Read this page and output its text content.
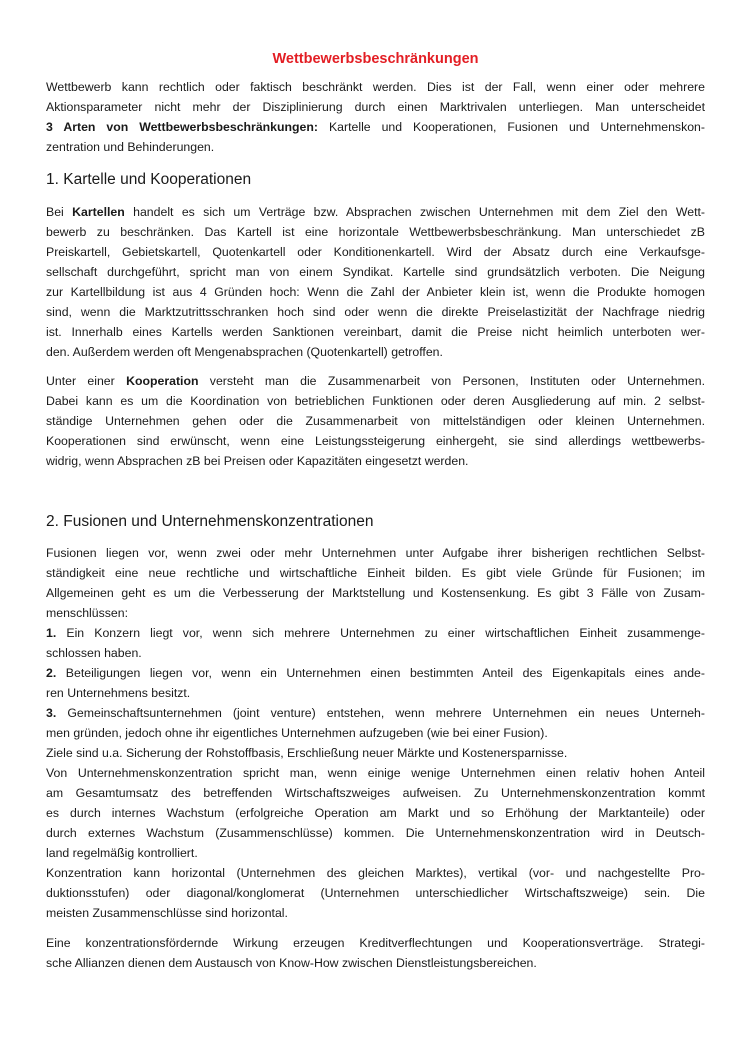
Wettbewerbsbeschränkungen
Wettbewerb kann rechtlich oder faktisch beschränkt werden. Dies ist der Fall, wenn einer oder mehrere
Aktionsparameter nicht mehr der Disziplinierung durch einen Marktrivalen unterliegen. Man unterscheidet
3 Arten von Wettbewerbsbeschränkungen: Kartelle und Kooperationen, Fusionen und Unternehmenskon-
zentration und Behinderungen.
1. Kartelle und Kooperationen
Bei Kartellen handelt es sich um Verträge bzw. Absprachen zwischen Unternehmen mit dem Ziel den Wett-
bewerb zu beschränken. Das Kartell ist eine horizontale Wettbewerbsbeschränkung. Man unterschiedet zB
Preiskartell, Gebietskartell, Quotenkartell oder Konditionenkartell. Wird der Absatz durch eine Verkaufsge-
sellschaft durchgeführt, spricht man von einem Syndikat. Kartelle sind grundsätzlich verboten. Die Neigung
zur Kartellbildung ist aus 4 Gründen hoch: Wenn die Zahl der Anbieter klein ist, wenn die Produkte homogen
sind, wenn die Marktzutrittsschranken hoch sind oder wenn die direkte Preiselastizität der Nachfrage niedrig
ist. Innerhalb eines Kartells werden Sanktionen vereinbart, damit die Preise nicht heimlich unterboten wer-
den. Außerdem werden oft Mengenabsprachen (Quotenkartell) getroffen.
Unter einer Kooperation versteht man die Zusammenarbeit von Personen, Instituten oder Unternehmen.
Dabei kann es um die Koordination von betrieblichen Funktionen oder deren Ausgliederung auf min. 2 selbst-
ständige Unternehmen gehen oder die Zusammenarbeit von mittelständigen oder kleinen Unternehmen.
Kooperationen sind erwünscht, wenn eine Leistungssteigerung einhergeht, sie sind allerdings wettbewerbs-
widrig, wenn Absprachen zB bei Preisen oder Kapazitäten eingesetzt werden.
2. Fusionen und Unternehmenskonzentrationen
Fusionen liegen vor, wenn zwei oder mehr Unternehmen unter Aufgabe ihrer bisherigen rechtlichen Selbst-
ständigkeit eine neue rechtliche und wirtschaftliche Einheit bilden. Es gibt viele Gründe für Fusionen; im
Allgemeinen geht es um die Verbesserung der Marktstellung und Kostensenkung. Es gibt 3 Fälle von Zusam-
menschlüssen:
1. Ein Konzern liegt vor, wenn sich mehrere Unternehmen zu einer wirtschaftlichen Einheit zusammenge-
schlossen haben.
2. Beteiligungen liegen vor, wenn ein Unternehmen einen bestimmten Anteil des Eigenkapitals eines ande-
ren Unternehmens besitzt.
3. Gemeinschaftsunternehmen (joint venture) entstehen, wenn mehrere Unternehmen ein neues Unterneh-
men gründen, jedoch ohne ihr eigentliches Unternehmen aufzugeben (wie bei einer Fusion).
Ziele sind u.a. Sicherung der Rohstoffbasis, Erschließung neuer Märkte und Kostenersparnisse.
Von Unternehmenskonzentration spricht man, wenn einige wenige Unternehmen einen relativ hohen Anteil
am Gesamtumsatz des betreffenden Wirtschaftszweiges aufweisen. Zu Unternehmenskonzentration kommt
es durch internes Wachstum (erfolgreiche Operation am Markt und so Erhöhung der Marktanteile) oder
durch externes Wachstum (Zusammenschlüsse) kommen. Die Unternehmenskonzentration wird in Deutsch-
land regelmäßig kontrolliert.
Konzentration kann horizontal (Unternehmen des gleichen Marktes), vertikal (vor- und nachgestellte Pro-
duktionsstufen) oder diagonal/konglomerat (Unternehmen unterschiedlicher Wirtschaftszweige) sein. Die
meisten Zusammenschlüsse sind horizontal.
Eine konzentrationsfördernde Wirkung erzeugen Kreditverflechtungen und Kooperationsverträge. Strategi-
sche Allianzen dienen dem Austausch von Know-How zwischen Dienstleistungsbereichen.
